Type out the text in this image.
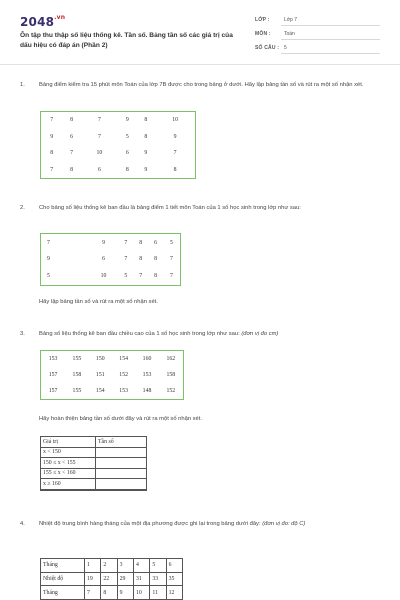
$2048^{.vn}$
Ôn tập thu thập số liệu thống kê. Tần số. Bảng tần số các giá trị của dấu hiệu có đáp án (Phần 2)
LỚP :	Lớp 7
MÔN :	Toán
SỐ CÂU : 5
1. Bảng điểm kiểm tra 15 phút môn Toán của lớp 7B được cho trong bảng ở dưới. Hãy lập bảng tần số và rút ra một số nhận xét.
7	8	7	9	8	10
9	6	7	5	8	9
8	7	10	6	9	7
7	8	6	8	9	8
2. Cho bảng số liệu thống kê ban đầu là bảng điểm 1 tiết môn Toán của 1 số học sinh trong lớp như sau:
7	9	7	8	6	5
9	6	7	8	8	7
5	10	5	7	8	7
Hãy lập bảng tần số và rút ra một số nhận xét.
3. Bảng số liệu thống kê ban đầu chiều cao của 1 số học sinh trong lớp như sau: (đơn vị đo cm)
153	155	150	154	160	162
157	158	151	152	153	158
157	155	154	153	148	152
Hãy hoàn thiện bảng tần số dưới đây và rút ra một số nhận xét.
Giá trị	Tần số
x < 150	
150 ≤ x < 155	
155 ≤ x < 160	
x ≥ 160	

4. Nhiệt độ trung bình hàng tháng của một địa phương được ghi lại trong bảng dưới đây: (đơn vị đo: độ C)
Tháng	1	2	3	4	5	6
Nhiệt độ	19	22	29	31	33	35
Tháng	7	8	9	10	11	12
